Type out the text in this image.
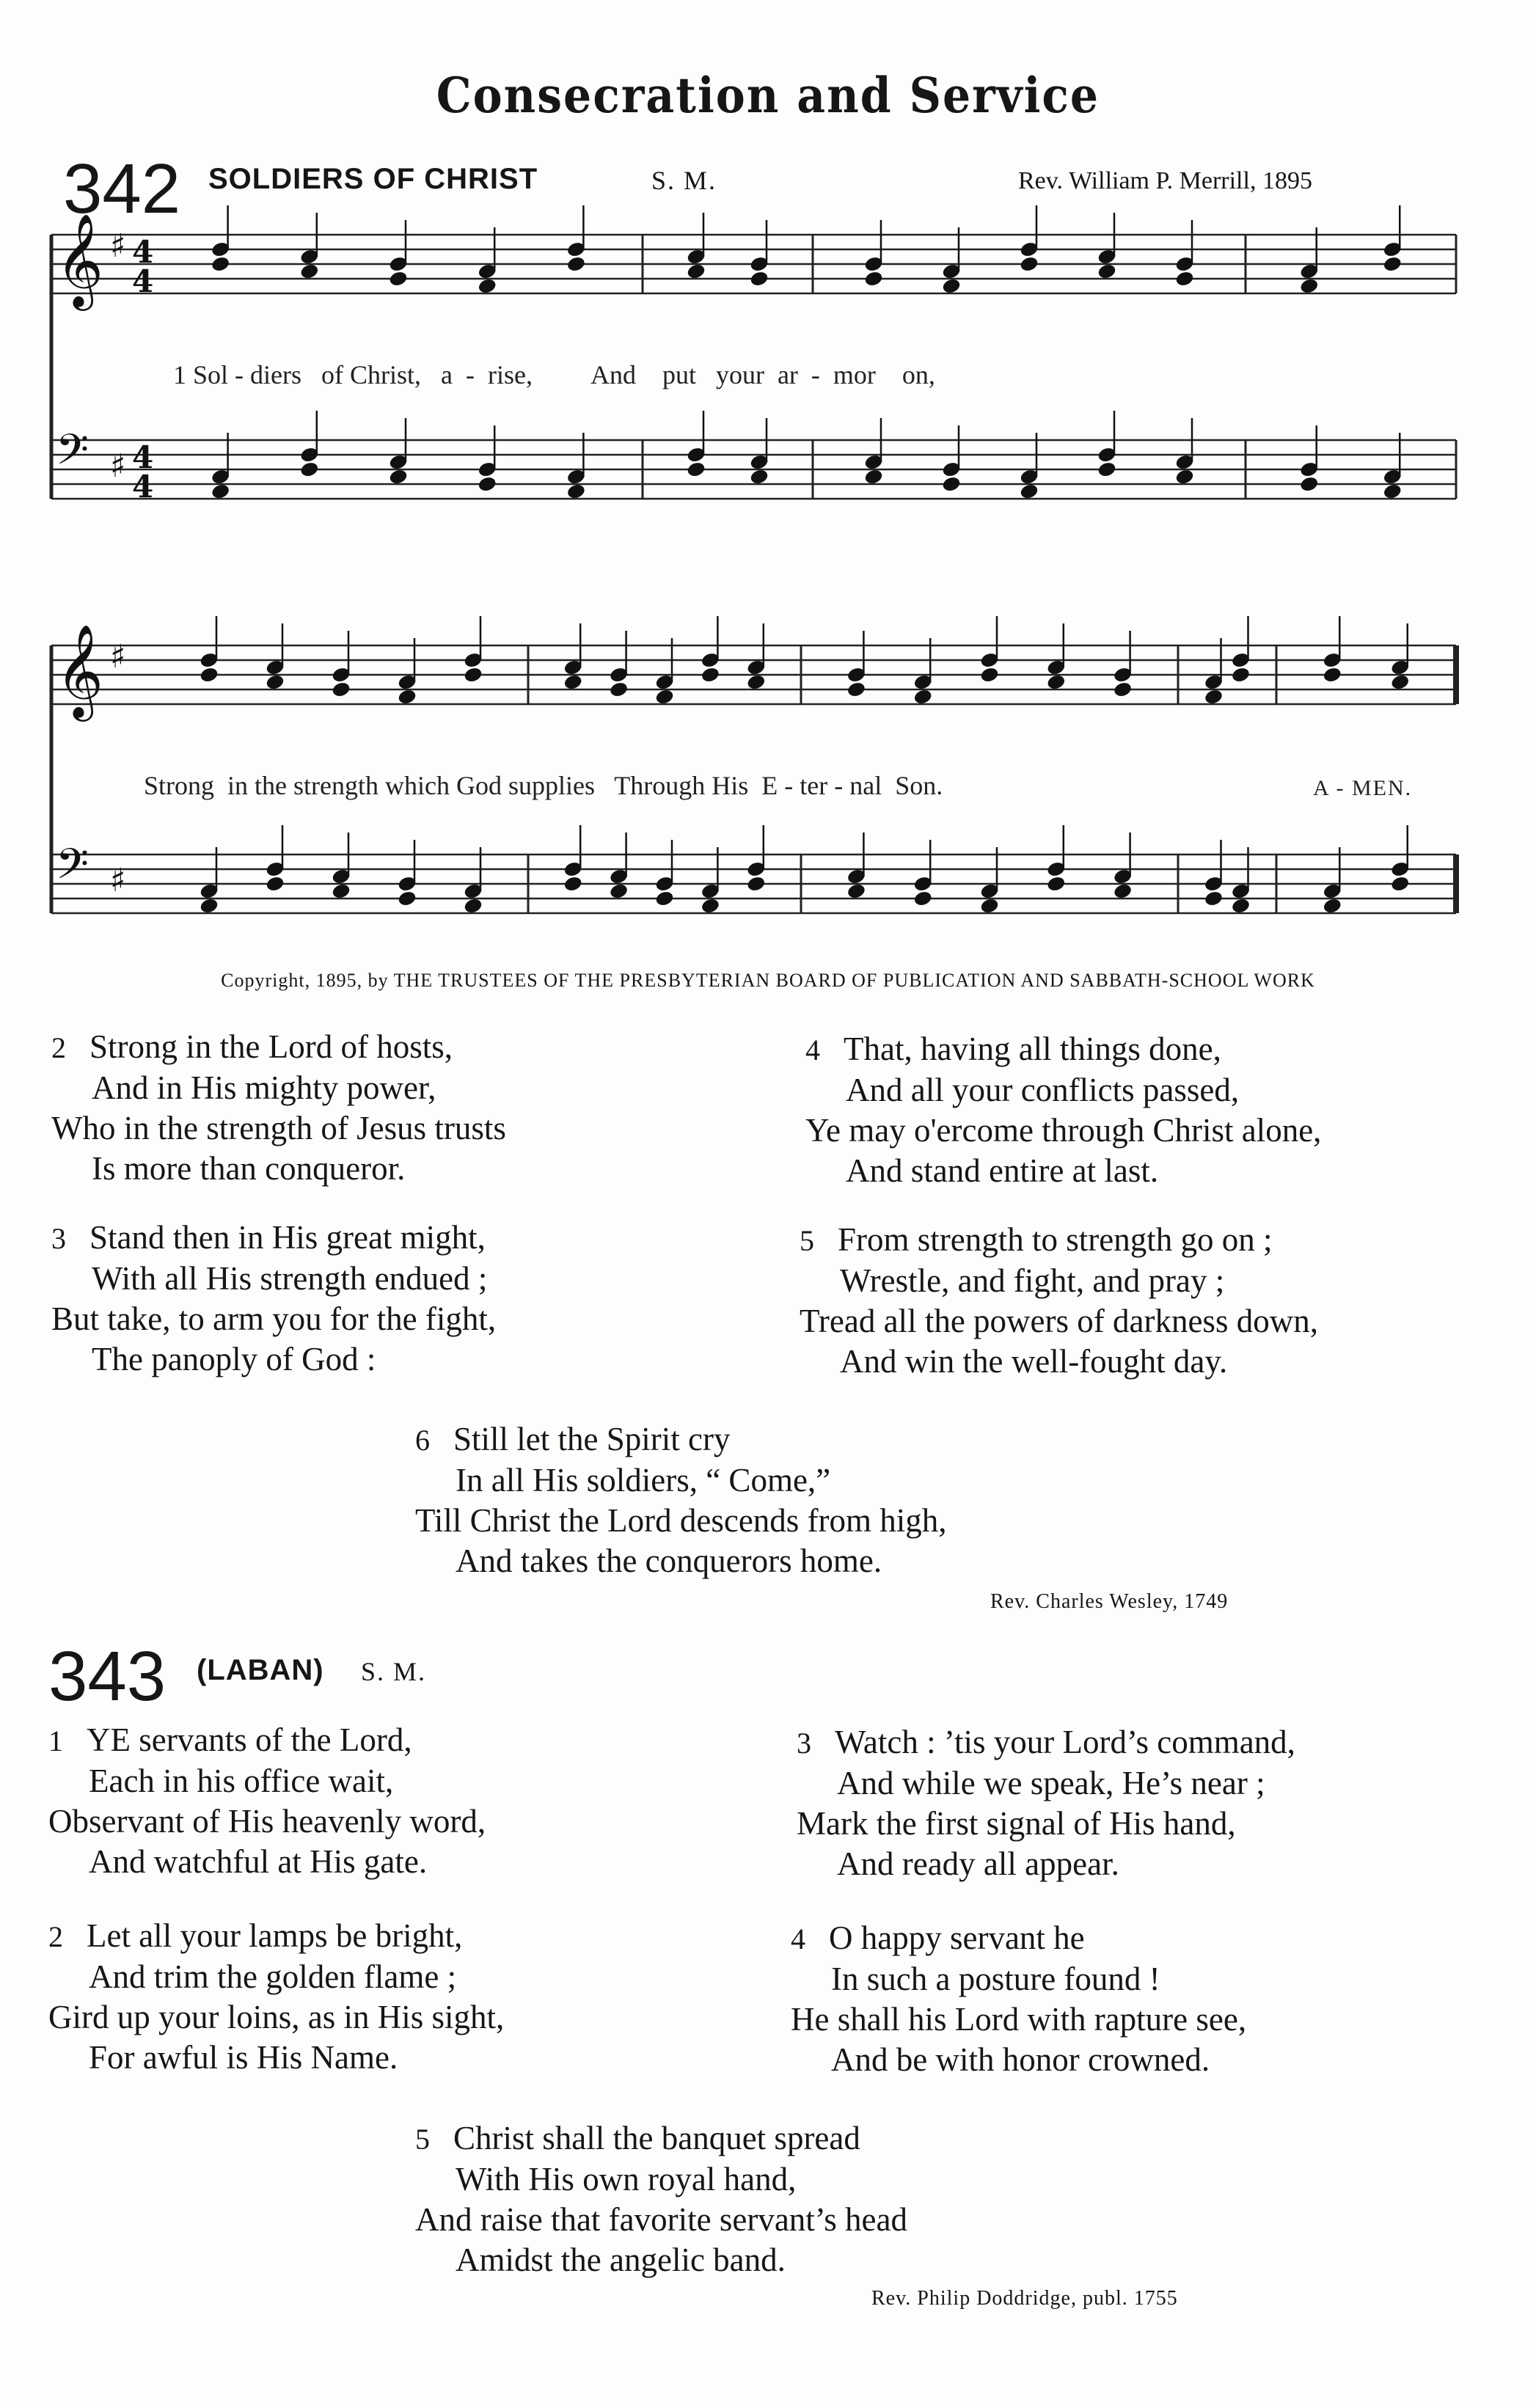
Consecration and Service
342 SOLDIERS OF CHRIST	S. M.	Rev. William P. Merrill, 1895
𝄞 4
4
♯
𝄢 4
4
♯
𝄞 ♯
𝄢 ♯
1 Sol - diers   of Christ,   a  -  rise,         And    put   your  ar  -  mor    on,
Strong  in the strength which God supplies   Through His  E - ter - nal  Son.	A - MEN.
Copyright, 1895, by THE TRUSTEES OF THE PRESBYTERIAN BOARD OF PUBLICATION AND SABBATH-SCHOOL WORK
2 Strong in the Lord of hosts,
And in His mighty power,
Who in the strength of Jesus trusts
Is more than conqueror.
4 That, having all things done,
And all your conflicts passed,
Ye may o'ercome through Christ alone,
And stand entire at last.
3 Stand then in His great might,
With all His strength endued ;
But take, to arm you for the fight,
The panoply of God :
5 From strength to strength go on ;
Wrestle, and fight, and pray ;
Tread all the powers of darkness down,
And win the well-fought day.
6 Still let the Spirit cry
In all His soldiers, “ Come,”
Till Christ the Lord descends from high,
And takes the conquerors home.
Rev. Charles Wesley, 1749
343 (LABAN) S. M.
1 YE servants of the Lord,
Each in his office wait,
Observant of His heavenly word,
And watchful at His gate.
3 Watch : ’tis your Lord’s command,
And while we speak, He’s near ;
Mark the first signal of His hand,
And ready all appear.
2 Let all your lamps be bright,
And trim the golden flame ;
Gird up your loins, as in His sight,
For awful is His Name.
4 O happy servant he
In such a posture found !
He shall his Lord with rapture see,
And be with honor crowned.
5 Christ shall the banquet spread
With His own royal hand,
And raise that favorite servant’s head
Amidst the angelic band.
Rev. Philip Doddridge, publ. 1755
